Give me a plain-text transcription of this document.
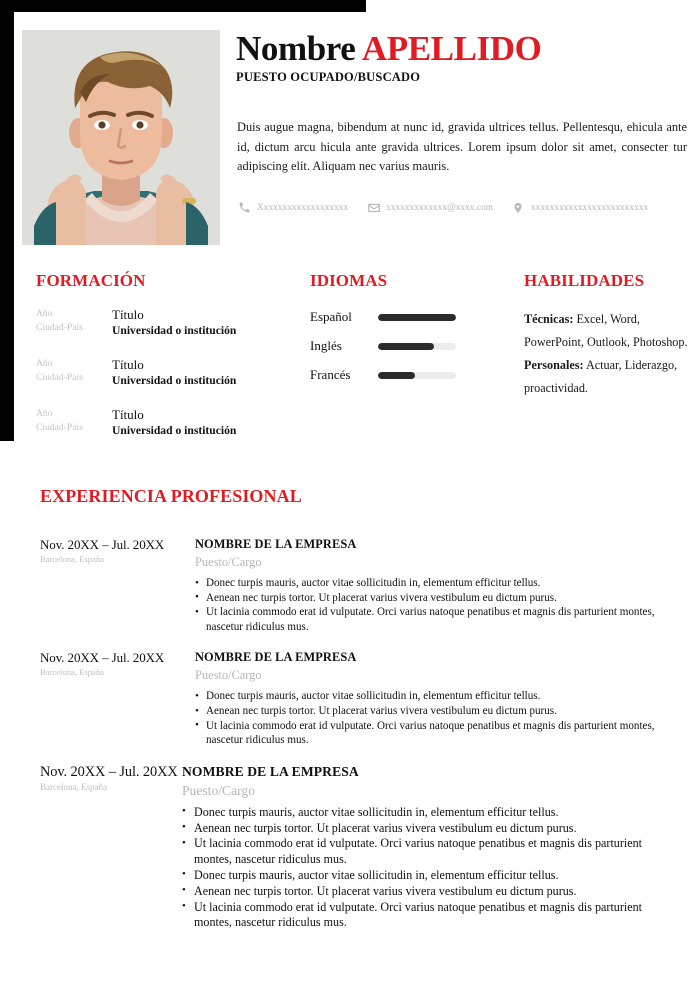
Nombre APELLIDO
PUESTO OCUPADO/BUSCADO
Duis augue magna, bibendum at nunc id, gravida ultrices tellus. Pellentesqu, ehicula ante id, dictum arcu hicula ante gravida ultrices. Lorem ipsum dolor sit amet, consecter tur adipiscing elit. Aliquam nec varius mauris.
Xxxxxxxxxxxxxxxxxxx	xxxxxxxxxxxxx@xxxx.com	xxxxxxxxxxxxxxxxxxxxxxxxx
FORMACIÓN
Año
Ciudad-País
Título
Universidad o institución
Año
Ciudad-País
Título
Universidad o institución
Año
Ciudad-País
Título
Universidad o institución
IDIOMAS
Español
Inglés
Francés
HABILIDADES
Técnicas: Excel, Word, PowerPoint, Outlook, Photoshop. Personales: Actuar, Liderazgo, proactividad.
EXPERIENCIA PROFESIONAL
Nov. 20XX – Jul. 20XX
Barcelona, España
NOMBRE DE LA EMPRESA
Puesto/Cargo
• Donec turpis mauris, auctor vitae sollicitudin in, elementum efficitur tellus.
• Aenean nec turpis tortor. Ut placerat varius vivera vestibulum eu dictum purus.
• Ut lacinia commodo erat id vulputate. Orci varius natoque penatibus et magnis dis parturient montes, nascetur ridiculus mus.
Nov. 20XX – Jul. 20XX
Barcelona, España
NOMBRE DE LA EMPRESA
Puesto/Cargo
• Donec turpis mauris, auctor vitae sollicitudin in, elementum efficitur tellus.
• Aenean nec turpis tortor. Ut placerat varius vivera vestibulum eu dictum purus.
• Ut lacinia commodo erat id vulputate. Orci varius natoque penatibus et magnis dis parturient montes, nascetur ridiculus mus.
Nov. 20XX – Jul. 20XX
Barcelona, España
NOMBRE DE LA EMPRESA
Puesto/Cargo
• Donec turpis mauris, auctor vitae sollicitudin in, elementum efficitur tellus.
• Aenean nec turpis tortor. Ut placerat varius vivera vestibulum eu dictum purus.
• Ut lacinia commodo erat id vulputate. Orci varius natoque penatibus et magnis dis parturient montes, nascetur ridiculus mus.
• Donec turpis mauris, auctor vitae sollicitudin in, elementum efficitur tellus.
• Aenean nec turpis tortor. Ut placerat varius vivera vestibulum eu dictum purus.
• Ut lacinia commodo erat id vulputate. Orci varius natoque penatibus et magnis dis parturient montes, nascetur ridiculus mus.
